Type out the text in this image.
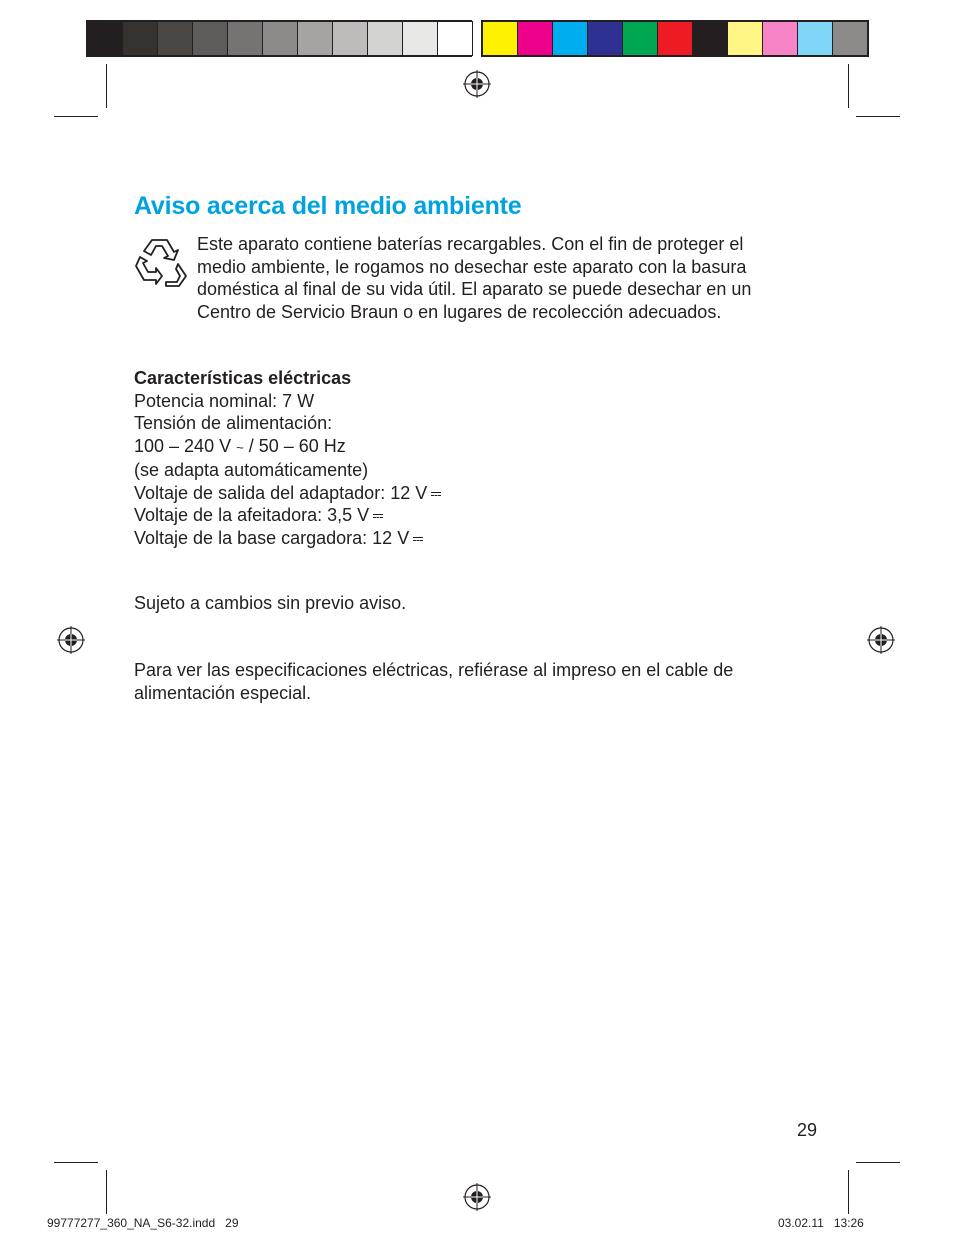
Aviso acerca del medio ambiente
Este aparato contiene baterías recargables. Con el fin de proteger el
medio ambiente, le rogamos no desechar este aparato con la basura
doméstica al final de su vida útil. El aparato se puede desechar en un
Centro de Servicio Braun o en lugares de recolección adecuados.
Características eléctricas
Potencia nominal: 7 W
Tensión de alimentación:
100 – 240 V ~ / 50 – 60 Hz
(se adapta automáticamente)
Voltaje de salida del adaptador: 12 V
Voltaje de la afeitadora: 3,5 V
Voltaje de la base cargadora: 12 V
Sujeto a cambios sin previo aviso.
Para ver las especificaciones eléctricas, refiérase al impreso en el cable de
alimentación especial.
29
99777277_360_NA_S6-32.indd   29	03.02.11   13:26
